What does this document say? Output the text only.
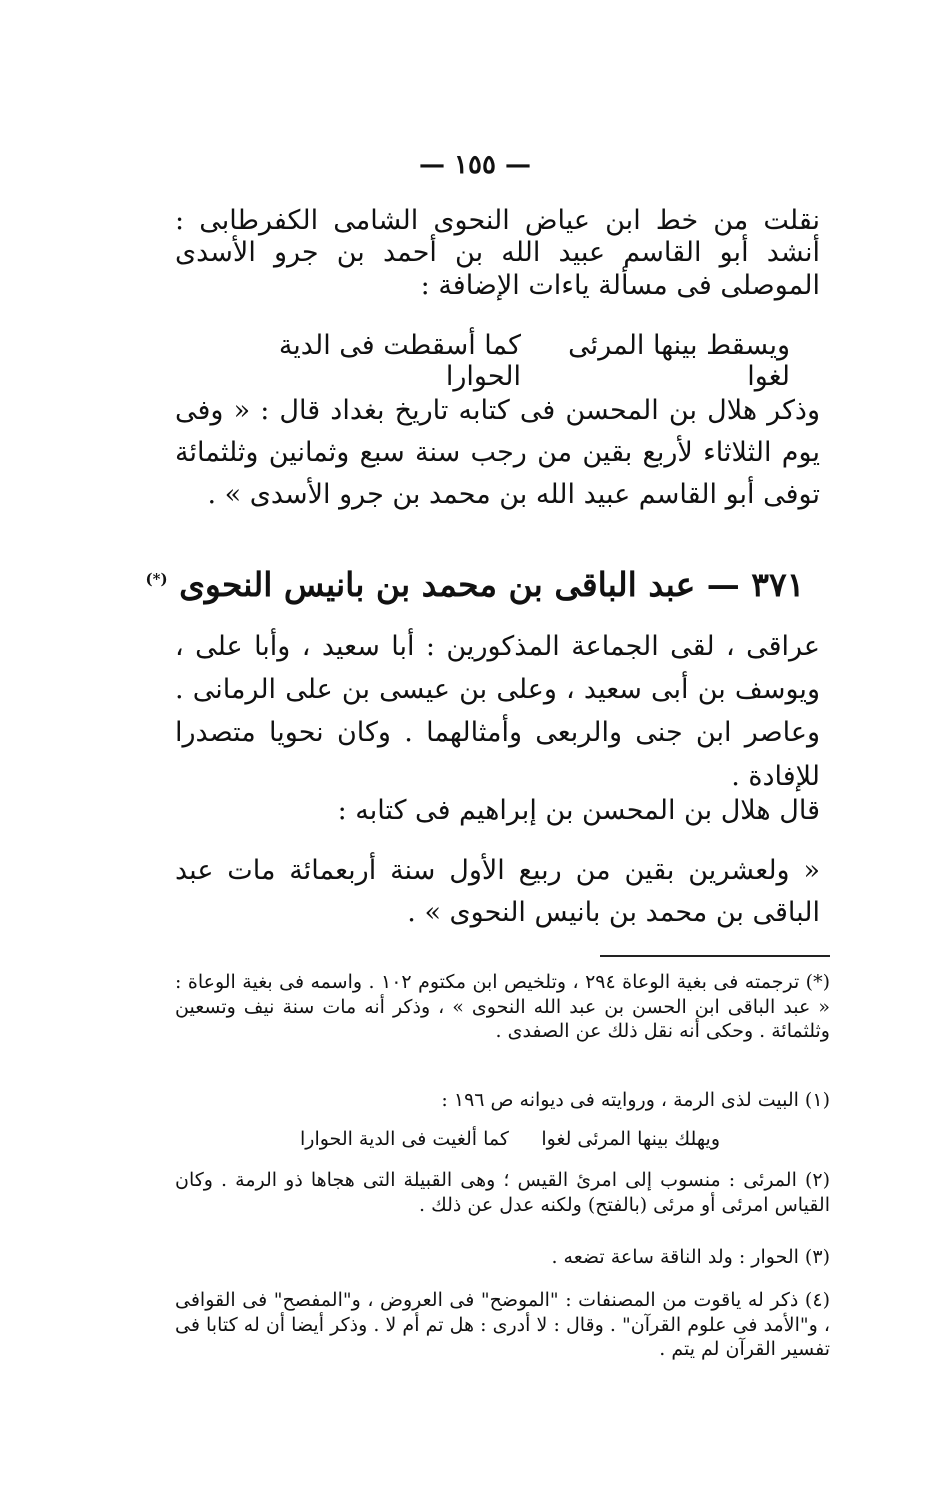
— ١٥٥ —

نقلت من خط ابن عياض النحوى الشامى الكفرطابى : أنشد أبو القاسم عبيد الله بن أحمد بن جرو الأسدى الموصلى فى مسألة ياءات الإضافة :

ويسقط بينها المرئى لغوا
كما أسقطت فى الدية الحوارا

وذكر هلال بن المحسن فى كتابه تاريخ بغداد قال : « وفى يوم الثلاثاء لأربع بقين من رجب سنة سبع وثمانين وثلثمائة توفى أبو القاسم عبيد الله بن محمد بن جرو الأسدى » .

٣٧١ — عبد الباقى بن محمد بن بانيس النحوى (*)

عراقى ، لقى الجماعة المذكورين : أبا سعيد ، وأبا على ، ويوسف بن أبى سعيد ، وعلى بن عيسى بن على الرمانى . وعاصر ابن جنى والربعى وأمثالهما . وكان نحويا متصدرا للإفادة .

قال هلال بن المحسن بن إبراهيم فى كتابه :

« ولعشرين بقين من ربيع الأول سنة أربعمائة مات عبد الباقى بن محمد بن بانيس النحوى » .

(*) ترجمته فى بغية الوعاة ٢٩٤ ، وتلخيص ابن مكتوم ١٠٢ . واسمه فى بغية الوعاة : « عبد الباقى ابن الحسن بن عبد الله النحوى » ، وذكر أنه مات سنة نيف وتسعين وثلثمائة . وحكى أنه نقل ذلك عن الصفدى .

(١) البيت لذى الرمة ، وروايته فى ديوانه ص ١٩٦ :

ويهلك بينها المرئى لغوا
كما ألغيت فى الدية الحوارا

(٢) المرئى : منسوب إلى امرئ القيس ؛ وهى القبيلة التى هجاها ذو الرمة . وكان القياس امرئى أو مرئى (بالفتح) ولكنه عدل عن ذلك .

(٣) الحوار : ولد الناقة ساعة تضعه .

(٤) ذكر له ياقوت من المصنفات : "الموضح" فى العروض ، و"المفصح" فى القوافى ، و"الأمد فى علوم القرآن" . وقال : لا أدرى : هل تم أم لا . وذكر أيضا أن له كتابا فى تفسير القرآن لم يتم .
